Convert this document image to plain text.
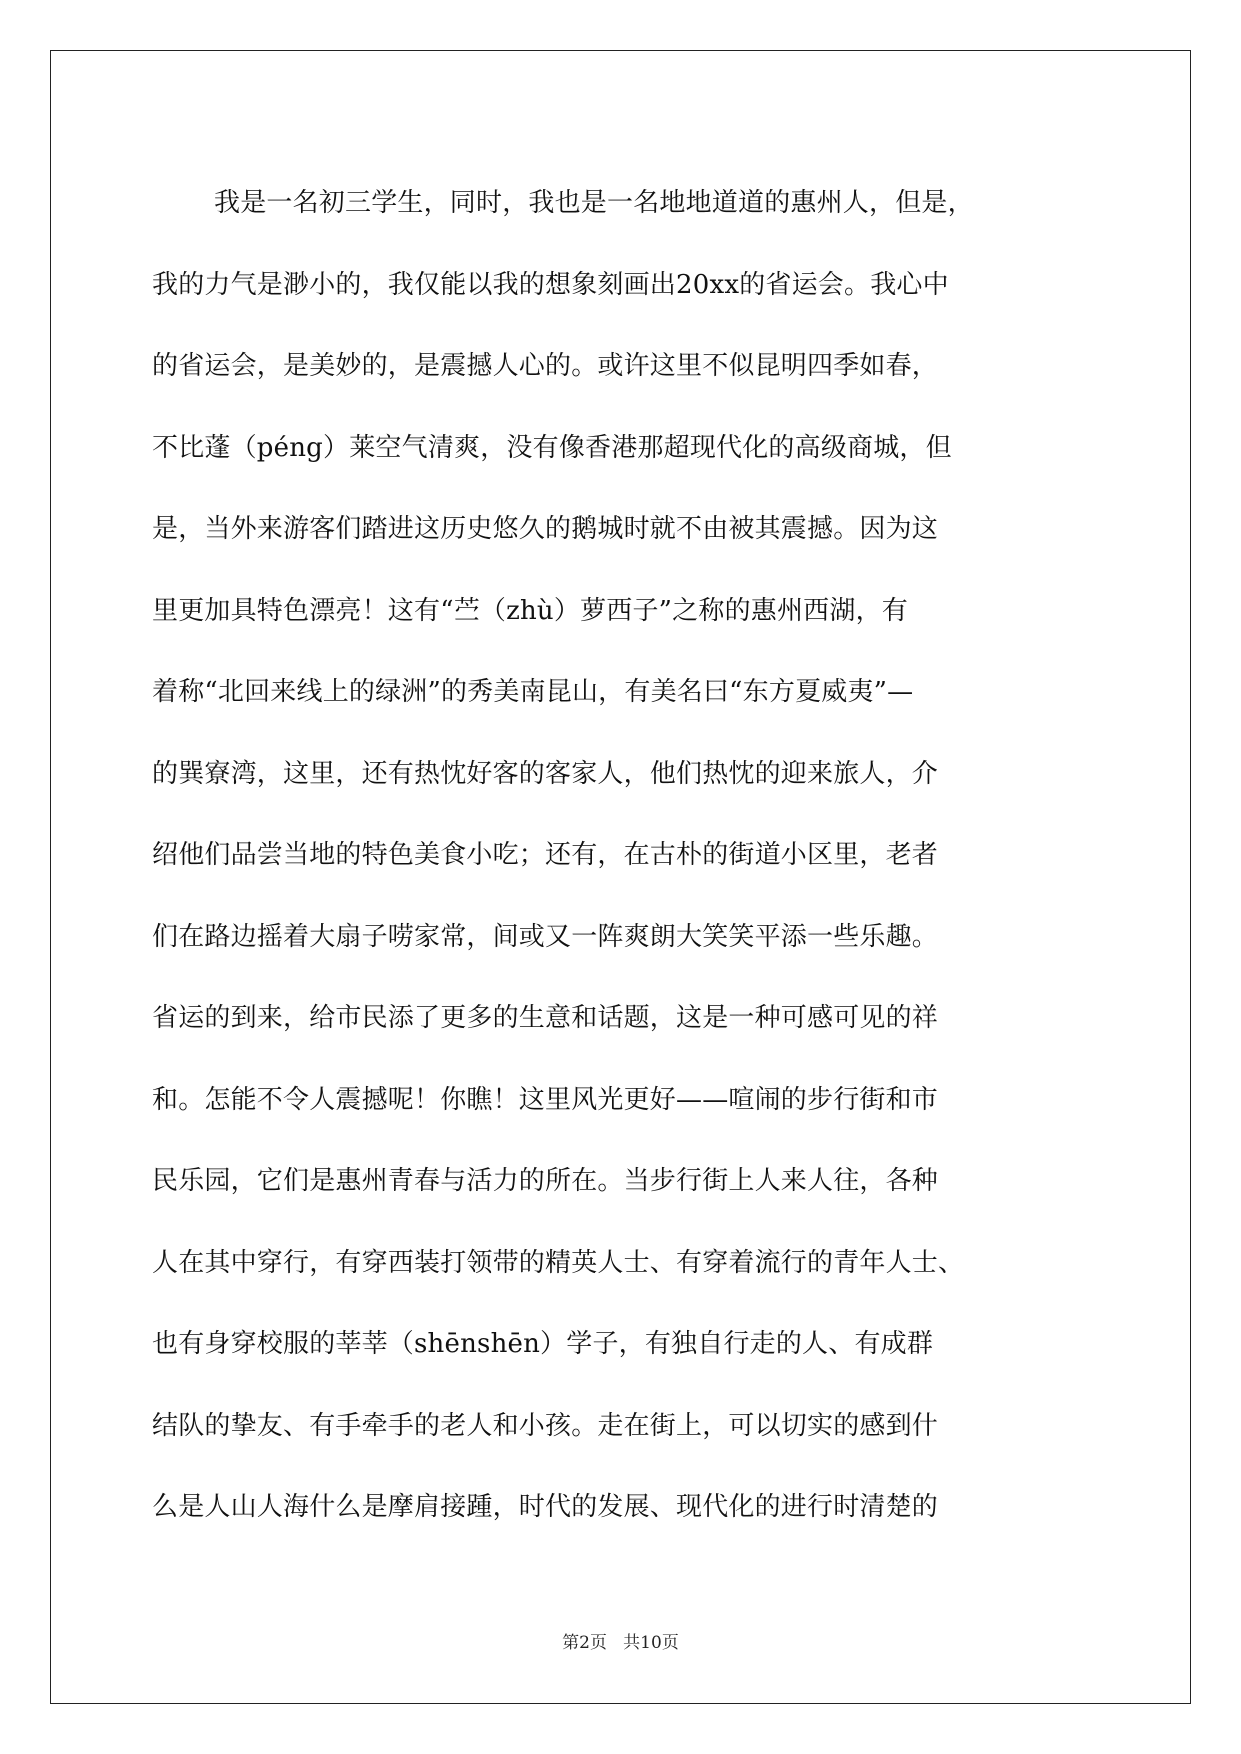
我是一名初三学生，同时，我也是一名地地道道的惠州人，但是，
我的力气是渺小的，我仅能以我的想象刻画出20xx的省运会。我心中
的省运会，是美妙的，是震撼人心的。或许这里不似昆明四季如春，
不比蓬（péng）莱空气清爽，没有像香港那超现代化的高级商城，但
是，当外来游客们踏进这历史悠久的鹅城时就不由被其震撼。因为这
里更加具特色漂亮！这有“苎（zhù）萝西子”之称的惠州西湖，有
着称“北回来线上的绿洲”的秀美南昆山，有美名曰“东方夏威夷”—
的巽寮湾，这里，还有热忱好客的客家人，他们热忱的迎来旅人，介
绍他们品尝当地的特色美食小吃；还有，在古朴的街道小区里，老者
们在路边摇着大扇子唠家常，间或又一阵爽朗大笑笑平添一些乐趣。
省运的到来，给市民添了更多的生意和话题，这是一种可感可见的祥
和。怎能不令人震撼呢！你瞧！这里风光更好——喧闹的步行街和市
民乐园，它们是惠州青春与活力的所在。当步行街上人来人往，各种
人在其中穿行，有穿西装打领带的精英人士、有穿着流行的青年人士、
也有身穿校服的莘莘（shēnshēn）学子，有独自行走的人、有成群
结队的挚友、有手牵手的老人和小孩。走在街上，可以切实的感到什
么是人山人海什么是摩肩接踵，时代的发展、现代化的进行时清楚的
第2页   共10页
